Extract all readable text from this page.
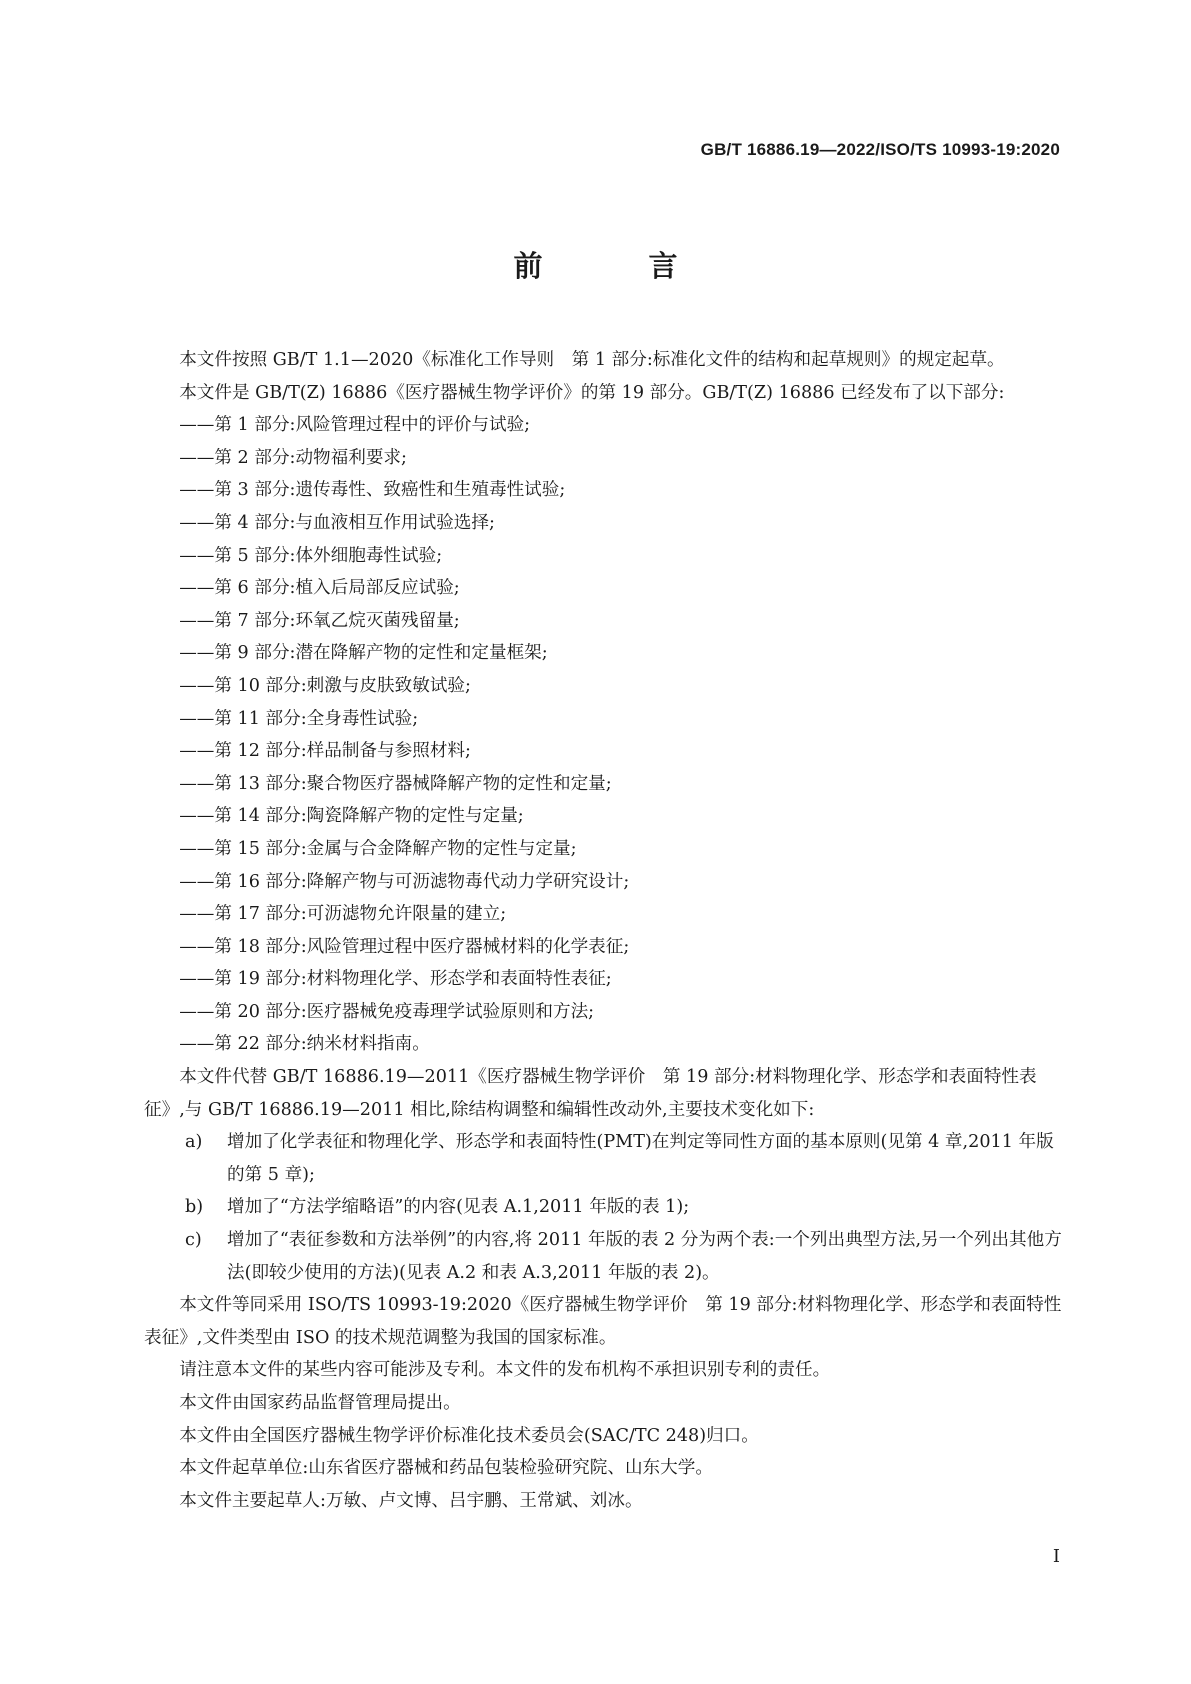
GB/T 16886.19—2022/ISO/TS 10993-19:2020
前 言

本文件按照 GB/T 1.1—2020《标准化工作导则　第 1 部分:标准化文件的结构和起草规则》的规定起草。

本文件是 GB/T(Z) 16886《医疗器械生物学评价》的第 19 部分。GB/T(Z) 16886 已经发布了以下部分:

——第 1 部分:风险管理过程中的评价与试验;

——第 2 部分:动物福利要求;

——第 3 部分:遗传毒性、致癌性和生殖毒性试验;

——第 4 部分:与血液相互作用试验选择;

——第 5 部分:体外细胞毒性试验;

——第 6 部分:植入后局部反应试验;

——第 7 部分:环氧乙烷灭菌残留量;

——第 9 部分:潜在降解产物的定性和定量框架;

——第 10 部分:刺激与皮肤致敏试验;

——第 11 部分:全身毒性试验;

——第 12 部分:样品制备与参照材料;

——第 13 部分:聚合物医疗器械降解产物的定性和定量;

——第 14 部分:陶瓷降解产物的定性与定量;

——第 15 部分:金属与合金降解产物的定性与定量;

——第 16 部分:降解产物与可沥滤物毒代动力学研究设计;

——第 17 部分:可沥滤物允许限量的建立;

——第 18 部分:风险管理过程中医疗器械材料的化学表征;

——第 19 部分:材料物理化学、形态学和表面特性表征;

——第 20 部分:医疗器械免疫毒理学试验原则和方法;

——第 22 部分:纳米材料指南。

本文件代替 GB/T 16886.19—2011《医疗器械生物学评价　第 19 部分:材料物理化学、形态学和表面特性表征》,与 GB/T 16886.19—2011 相比,除结构调整和编辑性改动外,主要技术变化如下:

a) 增加了化学表征和物理化学、形态学和表面特性(PMT)在判定等同性方面的基本原则(见第 4 章,2011 年版的第 5 章);

b) 增加了“方法学缩略语”的内容(见表 A.1,2011 年版的表 1);

c) 增加了“表征参数和方法举例”的内容,将 2011 年版的表 2 分为两个表:一个列出典型方法,另一个列出其他方法(即较少使用的方法)(见表 A.2 和表 A.3,2011 年版的表 2)。

本文件等同采用 ISO/TS 10993-19:2020《医疗器械生物学评价　第 19 部分:材料物理化学、形态学和表面特性表征》,文件类型由 ISO 的技术规范调整为我国的国家标准。

请注意本文件的某些内容可能涉及专利。本文件的发布机构不承担识别专利的责任。

本文件由国家药品监督管理局提出。

本文件由全国医疗器械生物学评价标准化技术委员会(SAC/TC 248)归口。

本文件起草单位:山东省医疗器械和药品包装检验研究院、山东大学。

本文件主要起草人:万敏、卢文博、吕宇鹏、王常斌、刘冰。

I
